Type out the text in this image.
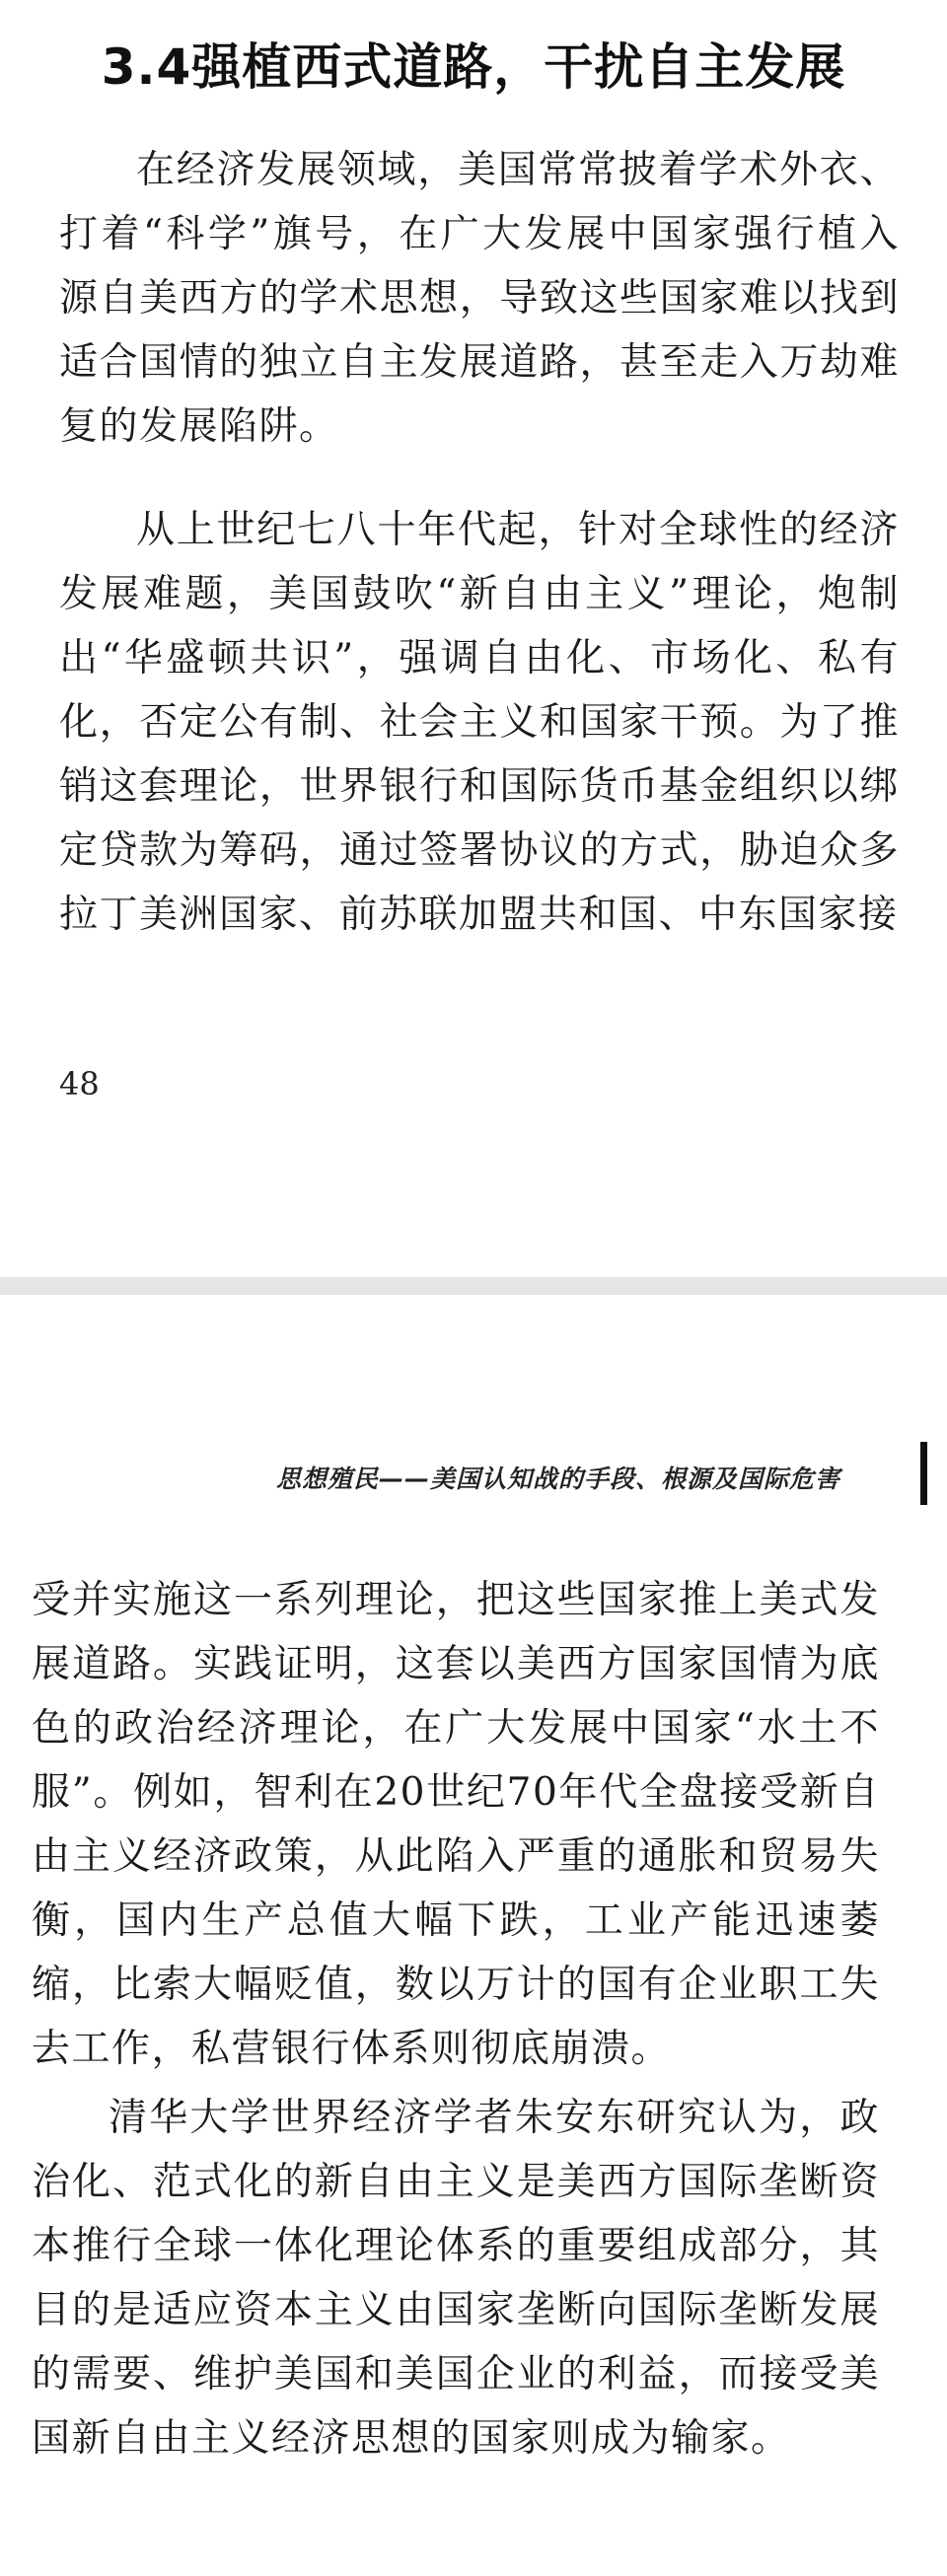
3.4强植西式道路，干扰自主发展

在经济发展领域，美国常常披着学术外衣、打着“科学”旗号，在广大发展中国家强行植入源自美西方的学术思想，导致这些国家难以找到适合国情的独立自主发展道路，甚至走入万劫难复的发展陷阱。

从上世纪七八十年代起，针对全球性的经济发展难题，美国鼓吹“新自由主义”理论，炮制出“华盛顿共识”，强调自由化、市场化、私有化，否定公有制、社会主义和国家干预。为了推销这套理论，世界银行和国际货币基金组织以绑定贷款为筹码，通过签署协议的方式，胁迫众多拉丁美洲国家、前苏联加盟共和国、中东国家接

48
思想殖民——美国认知战的手段、根源及国际危害

受并实施这一系列理论，把这些国家推上美式发展道路。实践证明，这套以美西方国家国情为底色的政治经济理论，在广大发展中国家“水土不服”。例如，智利在20世纪70年代全盘接受新自由主义经济政策，从此陷入严重的通胀和贸易失衡，国内生产总值大幅下跌，工业产能迅速萎缩，比索大幅贬值，数以万计的国有企业职工失去工作，私营银行体系则彻底崩溃。

清华大学世界经济学者朱安东研究认为，政治化、范式化的新自由主义是美西方国际垄断资本推行全球一体化理论体系的重要组成部分，其目的是适应资本主义由国家垄断向国际垄断发展的需要、维护美国和美国企业的利益，而接受美国新自由主义经济思想的国家则成为输家。
